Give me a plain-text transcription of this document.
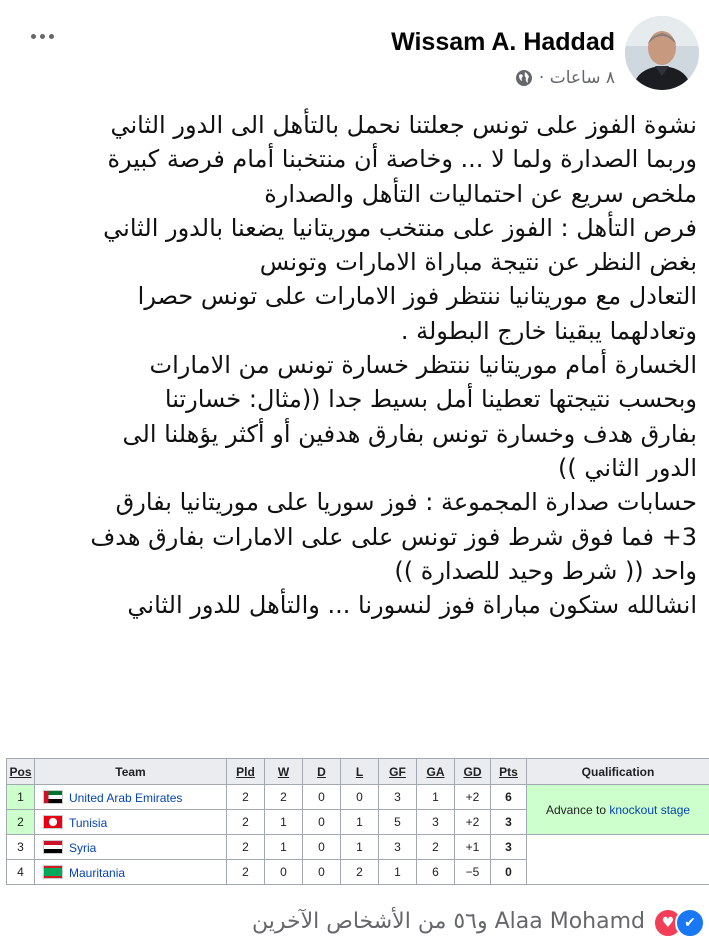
Wissam A. Haddad
٨ ساعات ·
نشوة الفوز على تونس جعلتنا نحمل بالتأهل الى الدور الثاني
وربما الصدارة ولما لا ... وخاصة أن منتخبنا أمام فرصة كبيرة
ملخص سريع عن احتماليات التأهل والصدارة
فرص التأهل : الفوز على منتخب موريتانيا يضعنا بالدور الثاني
بغض النظر عن نتيجة مباراة الامارات وتونس
التعادل مع موريتانيا ننتظر فوز الامارات على تونس حصرا
وتعادلهما يبقينا خارج البطولة .
الخسارة أمام موريتانيا ننتظر خسارة تونس من الامارات
وبحسب نتيجتها تعطينا أمل بسيط جدا ((مثال: خسارتنا
بفارق هدف وخسارة تونس بفارق هدفين أو أكثر يؤهلنا الى
الدور الثاني ))
حسابات صدارة المجموعة : فوز سوريا على موريتانيا بفارق
3+ فما فوق شرط فوز تونس على على الامارات بفارق هدف
واحد (( شرط وحيد للصدارة ))
انشالله ستكون مباراة فوز لنسورنا ... والتأهل للدور الثاني
Pos	Team	Pld	W	D	L	GF	GA	GD	Pts	Qualification
1	United Arab Emirates	2	2	0	0	3	1	+2	6	Advance to knockout stage
2	Tunisia	2	1	0	1	5	3	+2	3	
3	Syria	2	1	0	1	3	2	+1	3	
4	Mauritania	2	0	0	2	1	6	−5	0	
Alaa Mohamd و٥٦ من الأشخاص الآخرين	♥ ✔
